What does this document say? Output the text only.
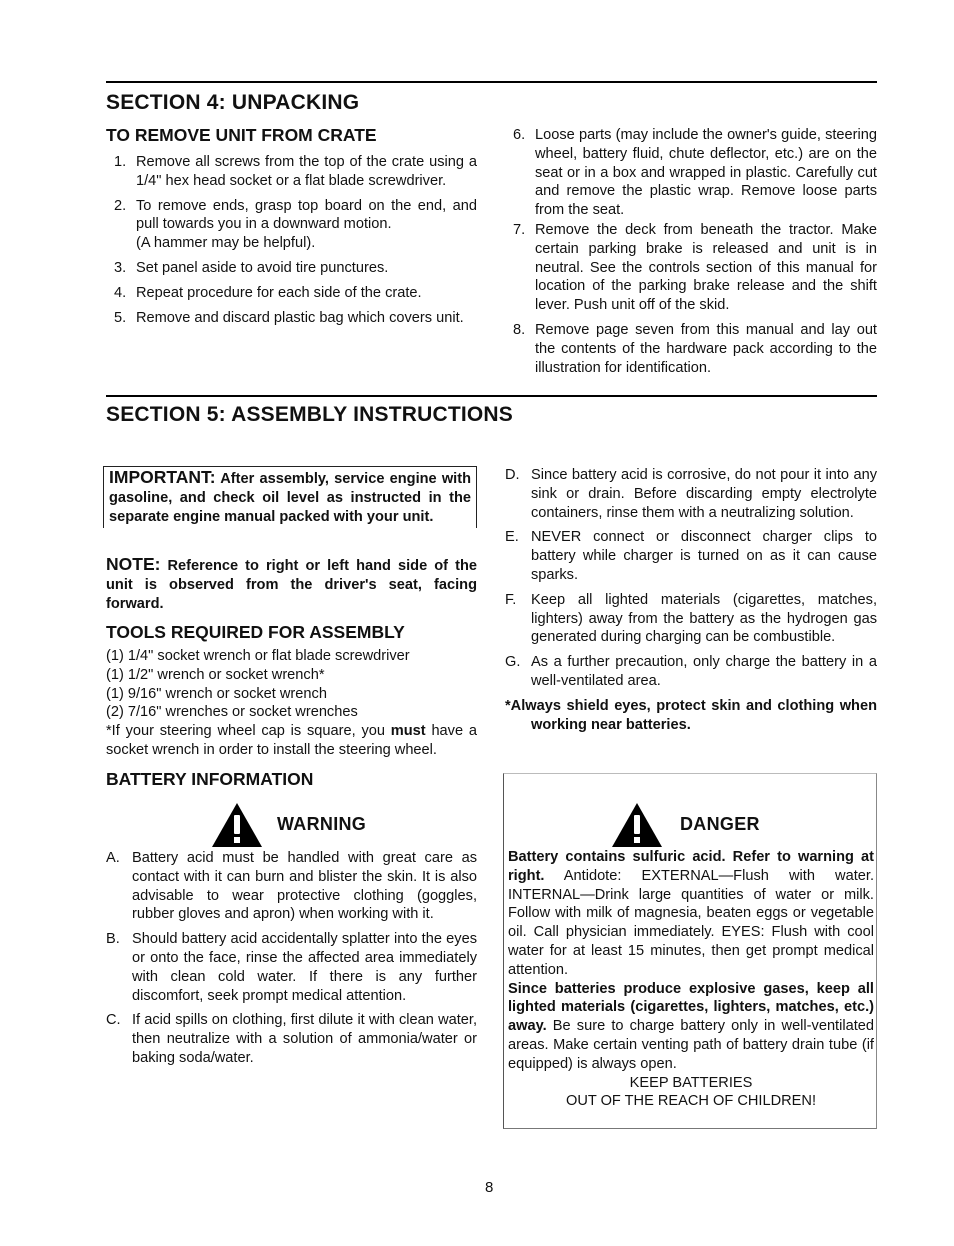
SECTION 4: UNPACKING
TO REMOVE UNIT FROM CRATE
1. Remove all screws from the top of the crate using a 1/4" hex head socket or a flat blade screwdriver.
2. To remove ends, grasp top board on the end, and pull towards you in a downward motion.
(A hammer may be helpful).
3. Set panel aside to avoid tire punctures.
4. Repeat procedure for each side of the crate.
5. Remove and discard plastic bag which covers unit.
6. Loose parts (may include the owner's guide, steering wheel, battery fluid, chute deflector, etc.) are on the seat or in a box and wrapped in plastic. Carefully cut and remove the plastic wrap. Remove loose parts from the seat.
7. Remove the deck from beneath the tractor. Make certain parking brake is released and unit is in neutral. See the controls section of this manual for location of the parking brake release and the shift lever. Push unit off of the skid.
8. Remove page seven from this manual and lay out the contents of the hardware pack according to the illustration for identification.
SECTION 5: ASSEMBLY INSTRUCTIONS

IMPORTANT: After assembly, service engine with gasoline, and check oil level as instructed in the separate engine manual packed with your unit.

NOTE: Reference to right or left hand side of the unit is observed from the driver's seat, facing forward.

TOOLS REQUIRED FOR ASSEMBLY

(1) 1/4" socket wrench or flat blade screwdriver

(1) 1/2" wrench or socket wrench*

(1) 9/16" wrench or socket wrench

(2) 7/16" wrenches or socket wrenches

*If your steering wheel cap is square, you must have a socket wrench in order to install the steering wheel.

BATTERY INFORMATION
WARNING
A. Battery acid must be handled with great care as contact with it can burn and blister the skin. It is also advisable to wear protective clothing (goggles, rubber gloves and apron) when working with it.
B. Should battery acid accidentally splatter into the eyes or onto the face, rinse the affected area immediately with clean cold water. If there is any further discomfort, seek prompt medical attention.
C. If acid spills on clothing, first dilute it with clean water, then neutralize with a solution of ammonia/water or baking soda/water.
D. Since battery acid is corrosive, do not pour it into any sink or drain. Before discarding empty electrolyte containers, rinse them with a neutralizing solution.
E. NEVER connect or disconnect charger clips to battery while charger is turned on as it can cause sparks.
F. Keep all lighted materials (cigarettes, matches, lighters) away from the battery as the hydrogen gas generated during charging can be combustible.
G. As a further precaution, only charge the battery in a well-ventilated area.

*Always shield eyes, protect skin and clothing when working near batteries.

DANGER

Battery contains sulfuric acid. Refer to warning at right. Antidote: EXTERNAL—Flush with water. INTERNAL—Drink large quantities of water or milk. Follow with milk of magnesia, beaten eggs or vegetable oil. Call physician immediately. EYES: Flush with cool water for at least 15 minutes, then get prompt medical attention.

Since batteries produce explosive gases, keep all lighted materials (cigarettes, lighters, matches, etc.) away. Be sure to charge battery only in well-ventilated areas. Make certain venting path of battery drain tube (if equipped) is always open.

KEEP BATTERIES

OUT OF THE REACH OF CHILDREN!

8
